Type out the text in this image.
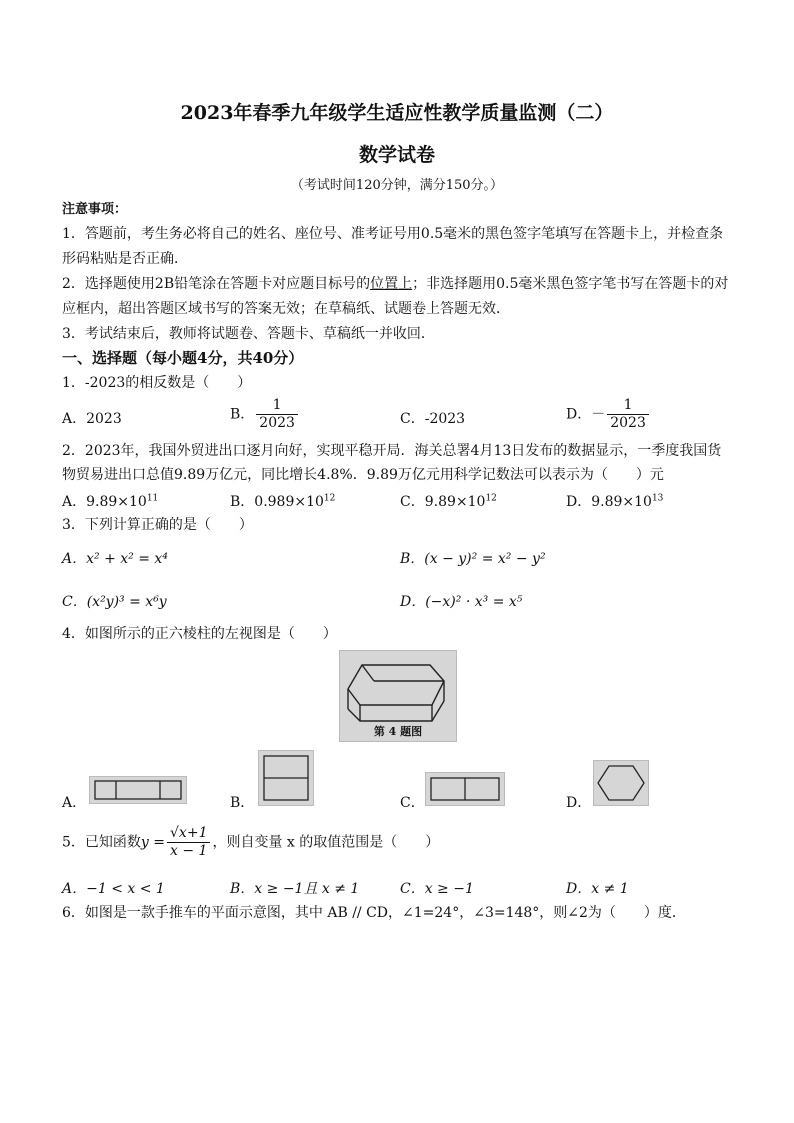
2023年春季九年级学生适应性教学质量监测（二）
数学试卷
（考试时间120分钟，满分150分。）
注意事项：
1．答题前，考生务必将自己的姓名、座位号、准考证号用0.5毫米的黑色签字笔填写在答题卡上，并检查条
形码粘贴是否正确．
2．选择题使用2B铅笔涂在答题卡对应题目标号的位置上；非选择题用0.5毫米黑色签字笔书写在答题卡的对
应框内，超出答题区域书写的答案无效；在草稿纸、试题卷上答题无效．
3．考试结束后，教师将试题卷、答题卡、草稿纸一并收回．
一、选择题（每小题4分，共40分）
1．-2023的相反数是（　　）
A．2023	B． $\frac{1}{2023}$	C．-2023	D．－ $\frac{1}{2023}$
2．2023年，我国外贸进出口逐月向好，实现平稳开局．海关总署4月13日发布的数据显示，一季度我国货
物贸易进出口总值9.89万亿元，同比增长4.8%．9.89万亿元用科学记数法可以表示为（　　）元
A．$9.89\times 10^{11}$	B．$0.989\times 10^{12}$	C．$9.89\times 10^{12}$	D．$9.89\times 10^{13}$
3．下列计算正确的是（　　）
A．x² + x² = x⁴	B．(x − y)² = x² − y²
C．(x²y)³ = x⁶y	D．(−x)² · x³ = x⁵
4．如图所示的正六棱柱的左视图是（　　）
第 4 题图
A．	B．	C．	D．
5．已知函数$y = \frac{√x+1}{x - 1}$ ，则自变量 x 的取值范围是（　　）
A．−1 < x < 1	B．x ≥ −1且 x ≠ 1	C．x ≥ −1	D．x ≠ 1
6．如图是一款手推车的平面示意图，其中 AB // CD，∠1=24°，∠3=148°，则∠2为（　　）度．
